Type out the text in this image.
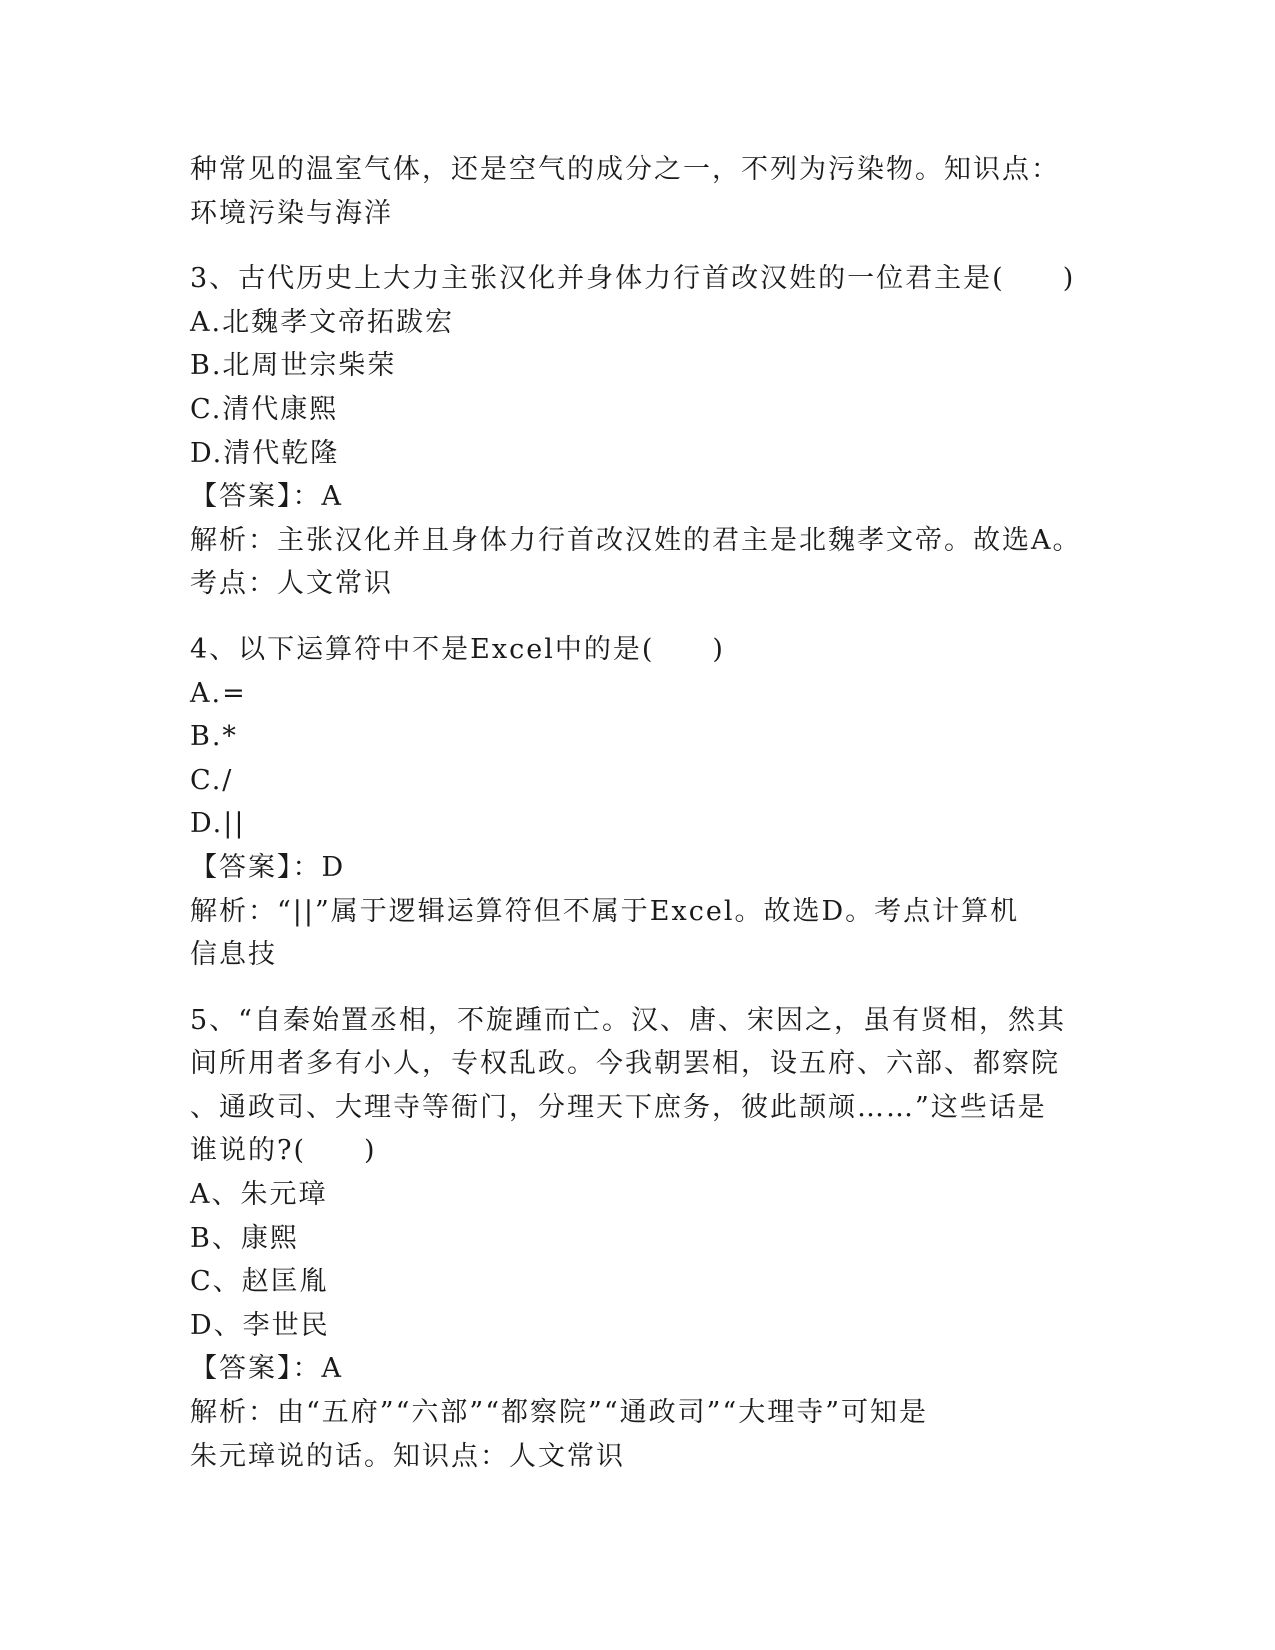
种常见的温室气体，还是空气的成分之一，不列为污染物。知识点：
环境污染与海洋
3、古代历史上大力主张汉化并身体力行首改汉姓的一位君主是(　　)
A.北魏孝文帝拓跋宏
B.北周世宗柴荣
C.清代康熙
D.清代乾隆
【答案】：A
解析：主张汉化并且身体力行首改汉姓的君主是北魏孝文帝。故选A。
考点：人文常识
4、以下运算符中不是Excel中的是(　　)
A.=
B.*
C./
D.||
【答案】：D
解析：“||”属于逻辑运算符但不属于Excel。故选D。考点计算机
信息技
5、“自秦始置丞相，不旋踵而亡。汉、唐、宋因之，虽有贤相，然其
间所用者多有小人，专权乱政。今我朝罢相，设五府、六部、都察院
、通政司、大理寺等衙门，分理天下庶务，彼此颉颃……”这些话是
谁说的?(　　)
A、朱元璋
B、康熙
C、赵匡胤
D、李世民
【答案】：A
解析：由“五府”“六部”“都察院”“通政司”“大理寺”可知是
朱元璋说的话。知识点：人文常识
